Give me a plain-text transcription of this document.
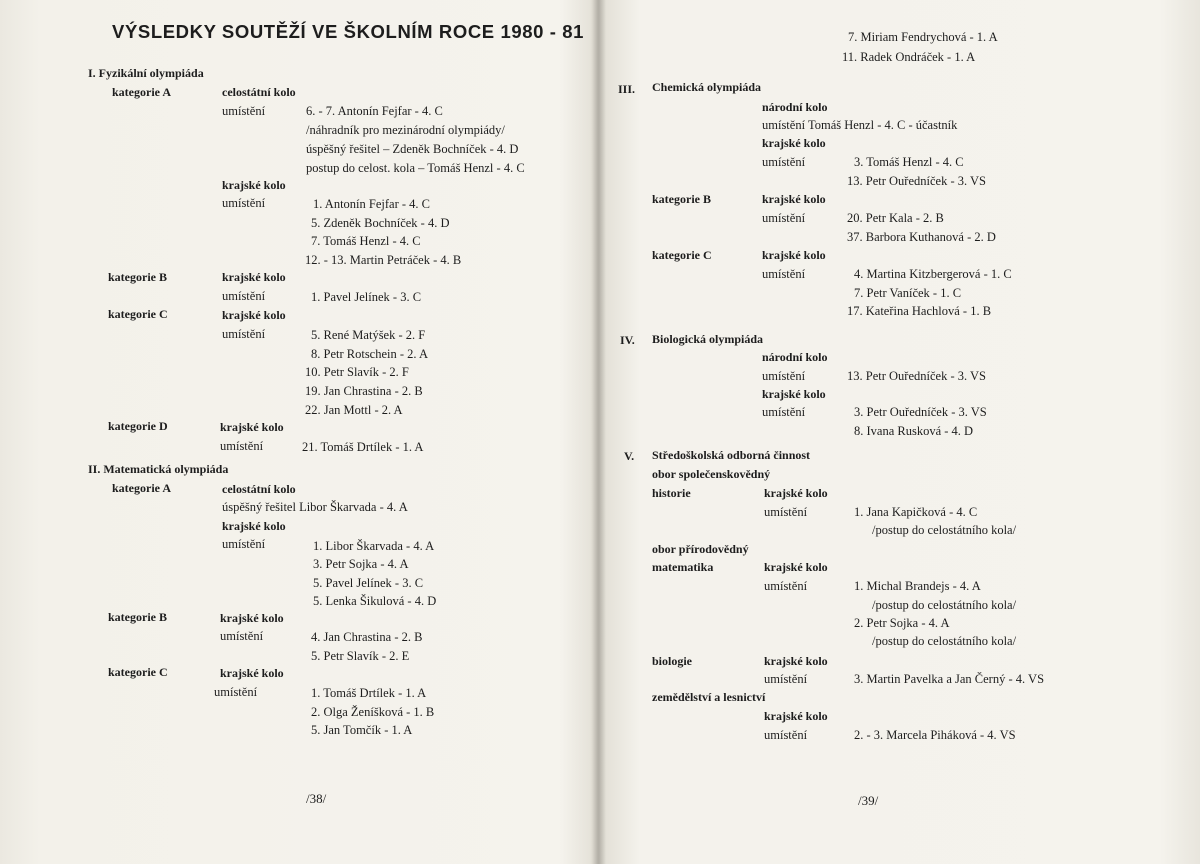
VÝSLEDKY SOUTĚŽÍ VE ŠKOLNÍM ROCE 1980 - 81
I. Fyzikální olympiáda
kategorie A	celostátní kolo
umístění	6. - 7. Antonín Fejfar - 4. C
/náhradník pro mezinárodní olympiády/
úspěšný řešitel – Zdeněk Bochníček - 4. D
postup do celost. kola – Tomáš Henzl - 4. C
krajské kolo
umístění	1. Antonín Fejfar - 4. C
5. Zdeněk Bochníček - 4. D
7. Tomáš Henzl - 4. C
12. - 13. Martin Petráček - 4. B
kategorie B	krajské kolo
umístění	1. Pavel Jelínek - 3. C
kategorie C	krajské kolo
umístění	5. René Matýšek - 2. F
8. Petr Rotschein - 2. A
10. Petr Slavík - 2. F
19. Jan Chrastina - 2. B
22. Jan Mottl - 2. A
kategorie D	krajské kolo
umístění	21. Tomáš Drtílek - 1. A
II. Matematická olympiáda
kategorie A	celostátní kolo
úspěšný řešitel Libor Škarvada - 4. A
krajské kolo
umístění	1. Libor Škarvada - 4. A
3. Petr Sojka - 4. A
5. Pavel Jelínek - 3. C
5. Lenka Šikulová - 4. D
kategorie B	krajské kolo
umístění	4. Jan Chrastina - 2. B
5. Petr Slavík - 2. E
kategorie C	krajské kolo
umístění	1. Tomáš Drtílek - 1. A
2. Olga Ženíšková - 1. B
5. Jan Tomčík - 1. A
/38/
7. Miriam Fendrychová - 1. A
11. Radek Ondráček - 1. A
III. Chemická olympiáda
národní kolo
umístění Tomáš Henzl - 4. C - účastník
krajské kolo
umístění	3. Tomáš Henzl - 4. C
13. Petr Ouředníček - 3. VS
kategorie B	krajské kolo
umístění	20. Petr Kala - 2. B
37. Barbora Kuthanová - 2. D
kategorie C	krajské kolo
umístění	4. Martina Kitzbergerová - 1. C
7. Petr Vaníček - 1. C
17. Kateřina Hachlová - 1. B
IV. Biologická olympiáda
národní kolo
umístění	13. Petr Ouředníček - 3. VS
krajské kolo
umístění	3. Petr Ouředníček - 3. VS
8. Ivana Rusková - 4. D
V. Středoškolská odborná činnost
obor společenskovědný
historie	krajské kolo
umístění	1. Jana Kapičková - 4. C
/postup do celostátního kola/
obor přírodovědný
matematika	krajské kolo
umístění	1. Michal Brandejs - 4. A
/postup do celostátního kola/
2. Petr Sojka - 4. A
/postup do celostátního kola/
biologie	krajské kolo
umístění	3. Martin Pavelka a Jan Černý - 4. VS
zemědělství a lesnictví
krajské kolo
umístění	2. - 3. Marcela Piháková - 4. VS
/39/
